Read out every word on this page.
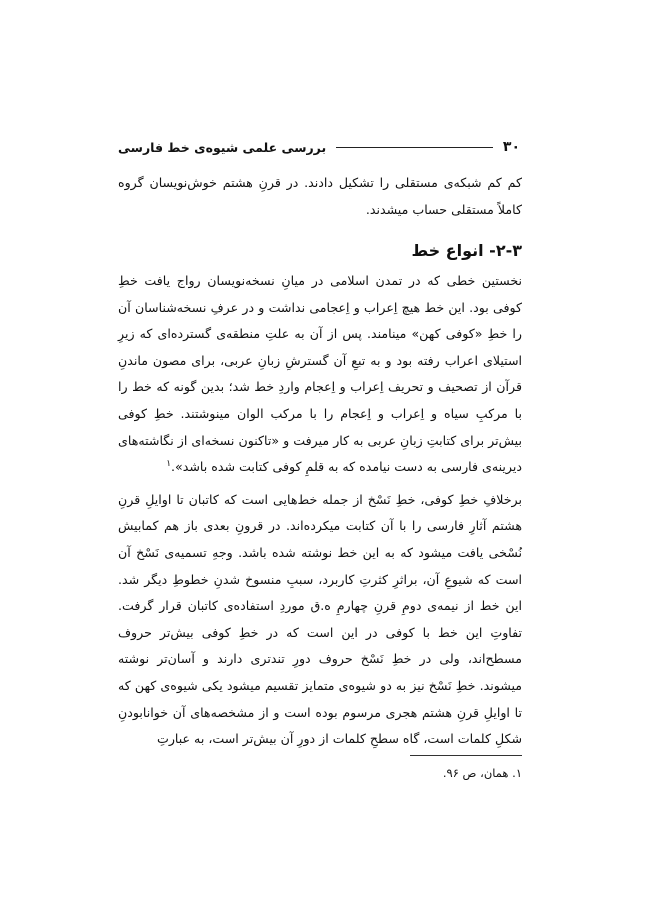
۳۰
بررسی علمی شیوه‌ی خط فارسی

کم کم شبکه‌ی مستقلی را تشکیل دادند. در قرنِ هشتم خوش‌نویسان گروه کاملاً مستقلی حساب میشدند.

۲-۳- انواع خط

نخستین خطی که در تمدن اسلامی در میانِ نسخه‌نویسان رواج یافت خطِ کوفی بود. این خط هیچ اِعراب و اِعجامی نداشت و در عرفِ نسخه‌شناسان آن را خطِ «کوفی کهن» مینامند. پس از آن به علتِ منطقه‌ی گسترده‌ای که زیرِ استیلای اعراب رفته بود و به تبعِ آن گسترشِ زبانِ عربی، برای مصون ماندنِ قرآن از تصحیف و تحریف اِعراب و اِعجام واردِ خط شد؛ بدین گونه که خط را با مرکبِ سیاه و اِعراب و اِعجام را با مرکب الوان مینوشتند. خطِ کوفی بیش‌تر برای کتابتِ زبانِ عربی به کار میرفت و «تاکنون نسخه‌ای از نگاشته‌های دیرینه‌ی فارسی به دست نیامده که به قلمِ کوفی کتابت شده باشد».$^۱$

برخلافِ خطِ کوفی، خطِ نَسْخ از جمله خط‌هایی است که کاتبان تا اوایلِ قرنِ هشتم آثارِ فارسی را با آن کتابت میکرده‌اند. در قرونِ بعدی باز هم کمابیش نُسْخی یافت میشود که به این خط نوشته شده باشد. وجهِ تسمیه‌ی نَسْخ آن است که شیوعِ آن، براثرِ کثرتِ کاربرد، سببِ منسوخ شدنِ خطوطِ دیگر شد. این خط از نیمه‌ی دومِ قرنِ چهارمِ ه.ق موردِ استفاده‌ی کاتبان قرار گرفت. تفاوتِ این خط با کوفی در این است که در خطِ کوفی بیش‌تر حروف مسطح‌اند، ولی در خطِ نَسْخ حروف دورِ تندتری دارند و آسان‌تر نوشته میشوند. خطِ نَسْخ نیز به دو شیوه‌ی متمایز تقسیم میشود یکی شیوه‌ی کهن که تا اوایلِ قرنِ هشتم هجری مرسوم بوده است و از مشخصه‌های آن خوانابودنِ شکلِ کلمات است، گاه سطحِ کلمات از دورِ آن بیش‌تر است، به عبارتِ

۱. همان، ص ۹۶.
